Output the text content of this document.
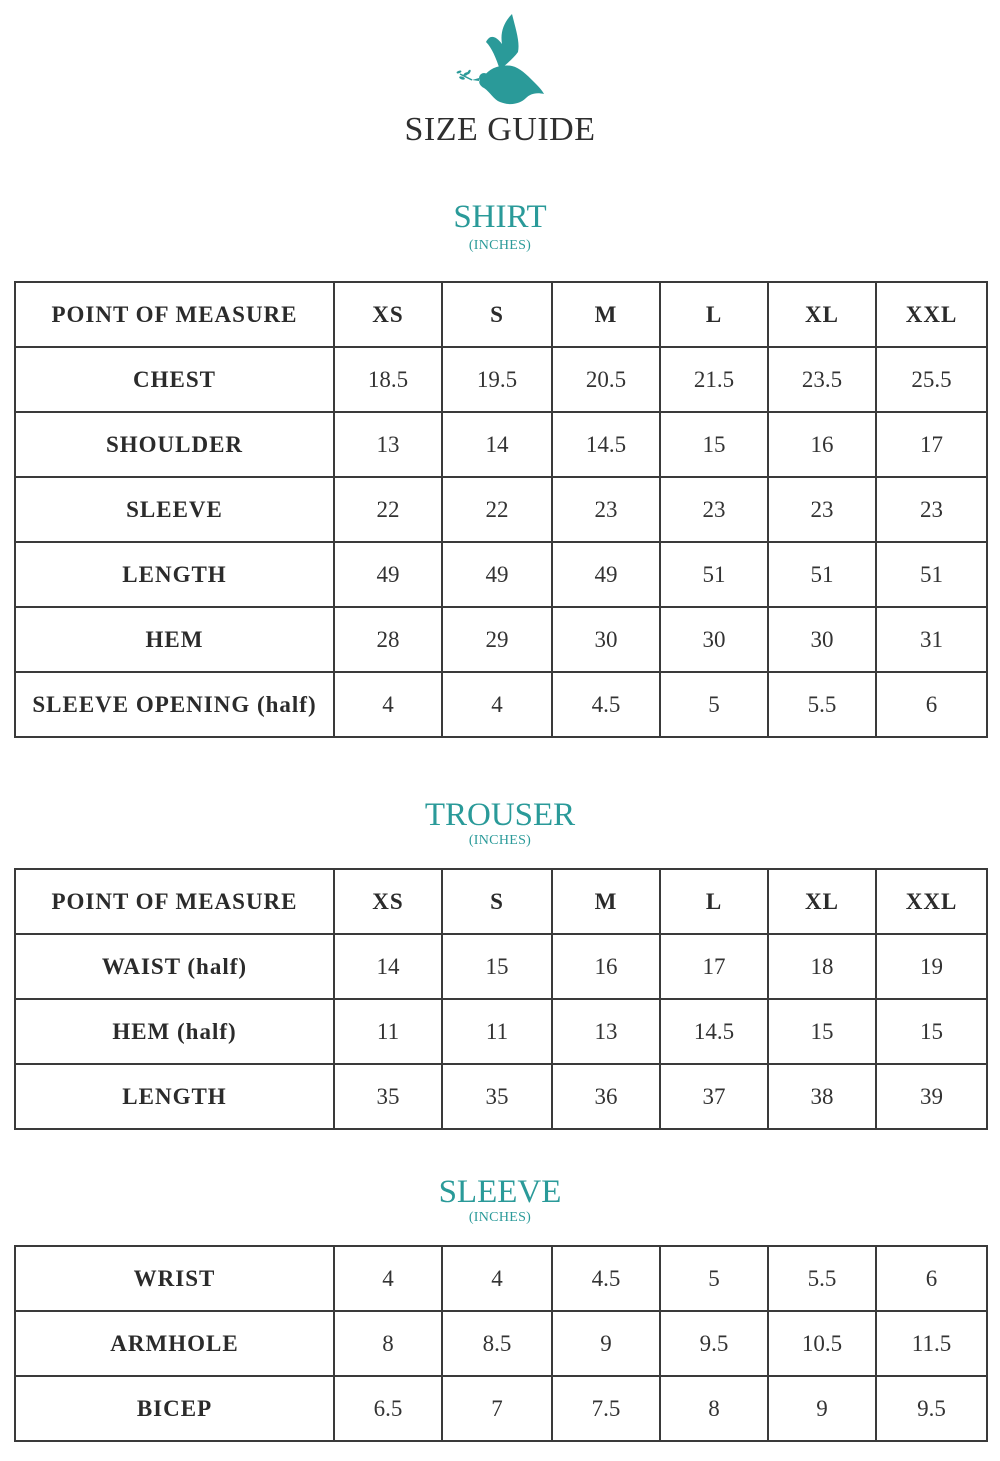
SIZE GUIDE
SHIRT
(INCHES)
POINT OF MEASURE	XS	S	M	L	XL	XXL
CHEST	18.5	19.5	20.5	21.5	23.5	25.5
SHOULDER	13	14	14.5	15	16	17
SLEEVE	22	22	23	23	23	23
LENGTH	49	49	49	51	51	51
HEM	28	29	30	30	30	31
SLEEVE OPENING (half)	4	4	4.5	5	5.5	6
TROUSER
(INCHES)
POINT OF MEASURE	XS	S	M	L	XL	XXL
WAIST (half)	14	15	16	17	18	19
HEM (half)	11	11	13	14.5	15	15
LENGTH	35	35	36	37	38	39
SLEEVE
(INCHES)
WRIST	4	4	4.5	5	5.5	6
ARMHOLE	8	8.5	9	9.5	10.5	11.5
BICEP	6.5	7	7.5	8	9	9.5
